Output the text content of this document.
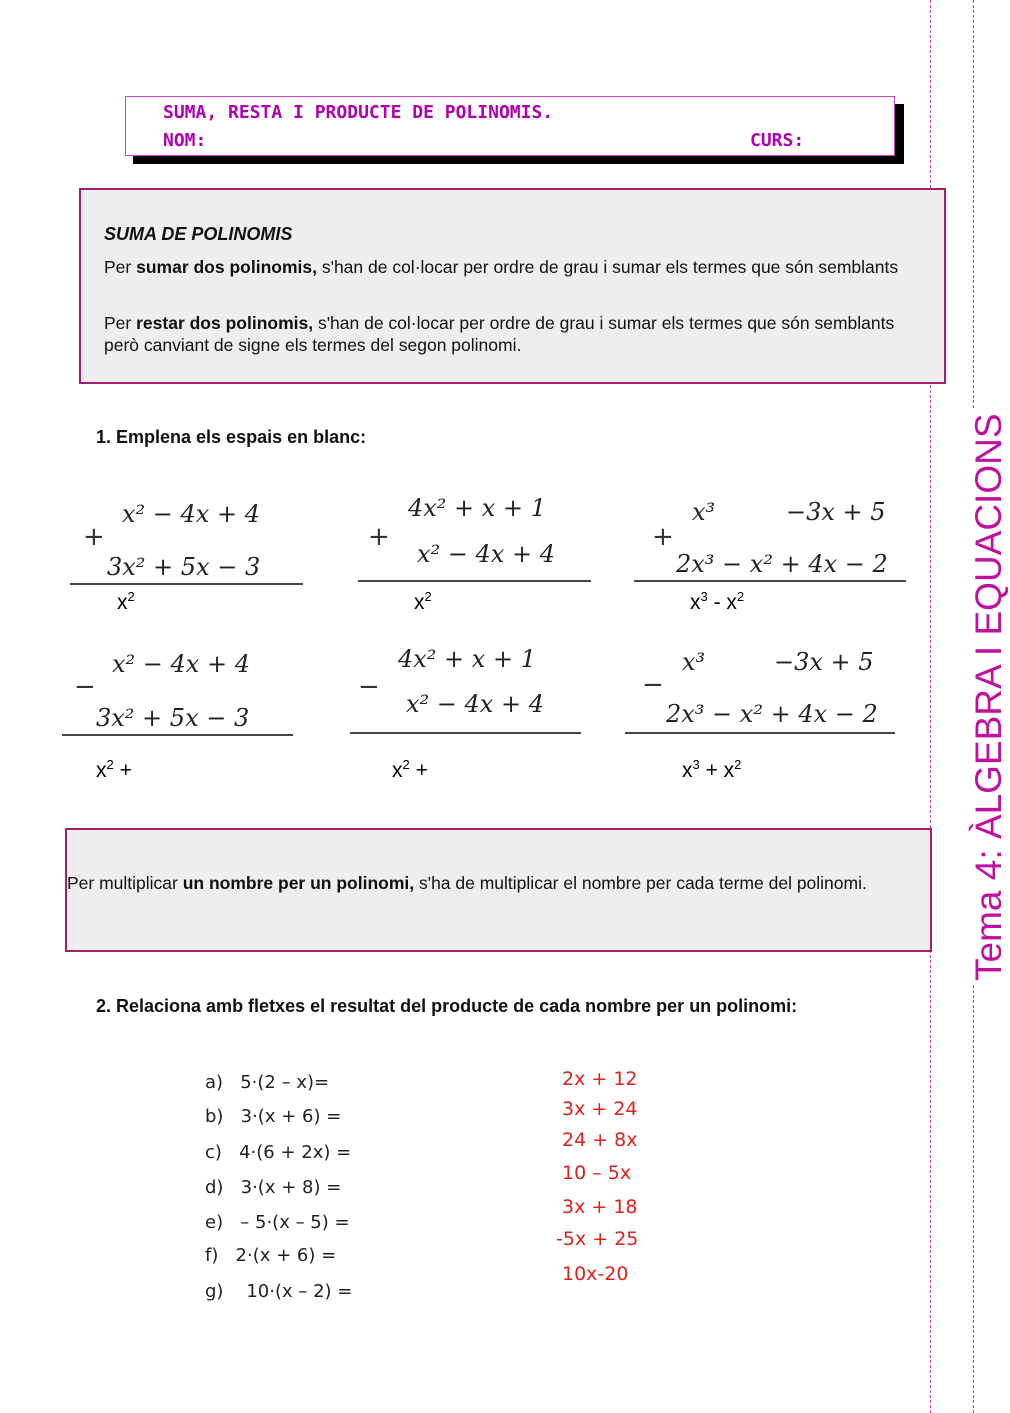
Tema 4: ÀLGEBRA I EQUACIONS
SUMA, RESTA I PRODUCTE DE POLINOMIS.
NOM:	CURS:
SUMA DE POLINOMIS

Per sumar dos polinomis, s'han de col·locar per ordre de grau i sumar els termes que són semblants

Per restar dos polinomis, s'han de col·locar per ordre de grau i sumar els termes que són semblants però canviant de signe els termes del segon polinomi.

1. Emplena els espais en blanc:
x² − 4x + 4
+
3x² + 5x − 3
$x^2$
4x² + x + 1
+
x² − 4x + 4
$x^2$
x³	−3x + 5
+
2x³ − x² + 4x − 2
$x^3 - x^2$
x² − 4x + 4
−
3x² + 5x − 3
$x^2$ +
4x² + x + 1
−
x² − 4x + 4
$x^2$ +
x³	−3x + 5
−
2x³ − x² + 4x − 2
$x^3 + x^2$

Per multiplicar un nombre per un polinomi, s'ha de multiplicar el nombre per cada terme del polinomi.

2. Relaciona amb fletxes el resultat del producte de cada nombre per un polinomi:
a) 5·(2 – x)=
b) 3·(x + 6) =
c) 4·(6 + 2x) =
d) 3·(x + 8) =
e) – 5·(x – 5) =
f) 2·(x + 6) =
g) 10·(x – 2) =
2x + 12
3x + 24
24 + 8x
10 – 5x
3x + 18
-5x + 25
10x-20
